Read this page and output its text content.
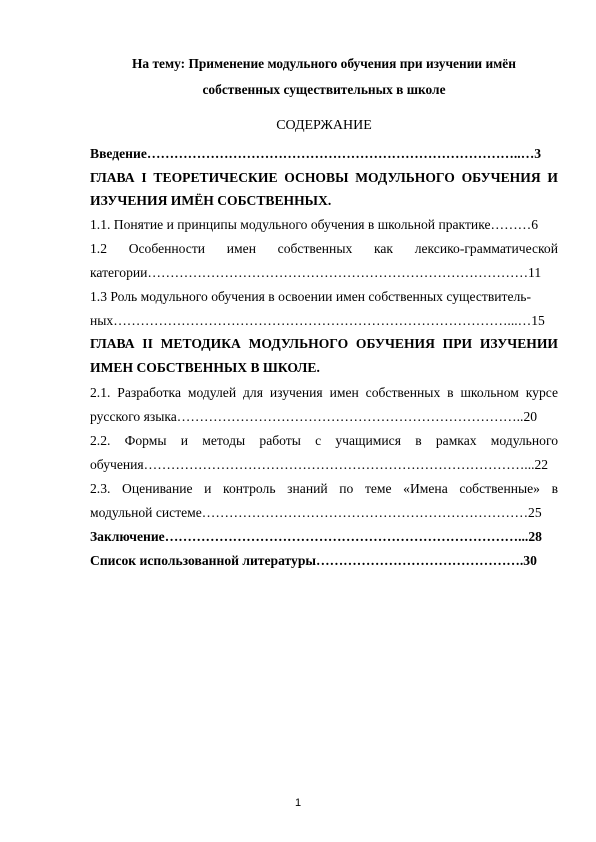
На тему: Применение модульного обучения при изучении имён
собственных существительных в школе
СОДЕРЖАНИЕ
Введение………………………………………………………………………..…3
ГЛАВА I ТЕОРЕТИЧЕСКИЕ ОСНОВЫ МОДУЛЬНОГО ОБУЧЕНИЯ И
ИЗУЧЕНИЯ ИМЁН СОБСТВЕННЫХ.
1.1. Понятие и принципы модульного обучения в школьной практике………6
1.2 Особенности имен собственных как лексико-грамматической
категории…………………………………………………………………………11
1.3 Роль модульного обучения в освоении имен собственных существитель-
ных……………………………………………………………………………...…15
ГЛАВА II МЕТОДИКА МОДУЛЬНОГО ОБУЧЕНИЯ ПРИ ИЗУЧЕНИИ
ИМЕН СОБСТВЕННЫХ В ШКОЛЕ.
2.1. Разработка модулей для изучения имен собственных в школьном курсе
русского языка…………………………………………………………………..20
2.2. Формы и методы работы с учащимися в рамках модульного
обучения…………………………………………………………………………...22
2.3. Оценивание и контроль знаний по теме «Имена собственные» в
модульной системе………………………………………………………………25
Заключение……………………………………………………………………...28
Список использованной литературы……………………………………….30
1
